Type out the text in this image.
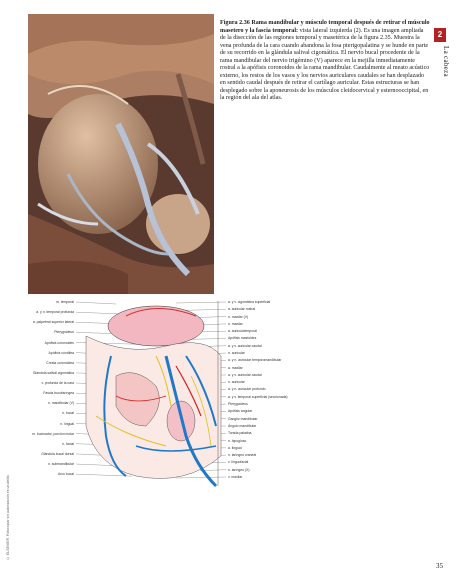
Figura 2.36 Rama mandibular y músculo temporal después de retirar el músculo masetero y la fascia temporal: vista lateral izquierda (2). Es una imagen ampliada de la disección de las regiones temporal y masetérica de la figura 2.35. Muestra la vena profunda de la cara cuando abandona la fosa pterigopalatina y se hunde en parte de su recorrido en la glándula salival cigomática. El nervio bucal procedente de la rama mandibular del nervio trigémino (V) aparece en la mejilla inmediatamente rostral a la apófisis coronoides de la rama mandibular. Caudalmente al meato acústico externo, los restos de los vasos y los nervios auriculares caudales se han desplazado en sentido caudal después de retirar el cartílago auricular. Estas estructuras se han desplegado sobre la aponeurosis de los músculos cleidocervical y esternooccipital, en la región del ala del atlas.

2
La cabeza
© ELSEVIER. Fotocopiar sin autorización es un delito.
m. temporal
a. y n. temporal profunda
a. palpebral superior lateral
Pterygoideus
Apófisis coronoides
Apófisis condilea
Cresta coronoidea
Glándula salival cigomática
v. profunda de la cara
Fascia bucofaríngea
n. mandibular (V)
n. bucal
n. lingual
m. bucinador, porción molar
n. facial
Glándula bucal dorsal
n. submandibular
Arco bucal
a. y v. cigomática superficial
a. auricular rostral
n. maxilar (V)
n. maxilar
a. auriculotemporal
Apófisis mastoides
a. y v. auricular caudal
n. auricular
a. y n. auricular temporomandibular
a. maxilar
a. y v. auricular caudal
n. auricular
a. y n. auricular profundo
a. y v. temporal superficial (seccionada)
Pterygoideus
Apófisis angular
Ganglio mandibular
Ángulo mandibular
Tonsila palatina
n. hipogloso
a. lingual
n. laríngeo craneal
v. linguofacial
n. laríngeo (X)
v. maxilar
35
